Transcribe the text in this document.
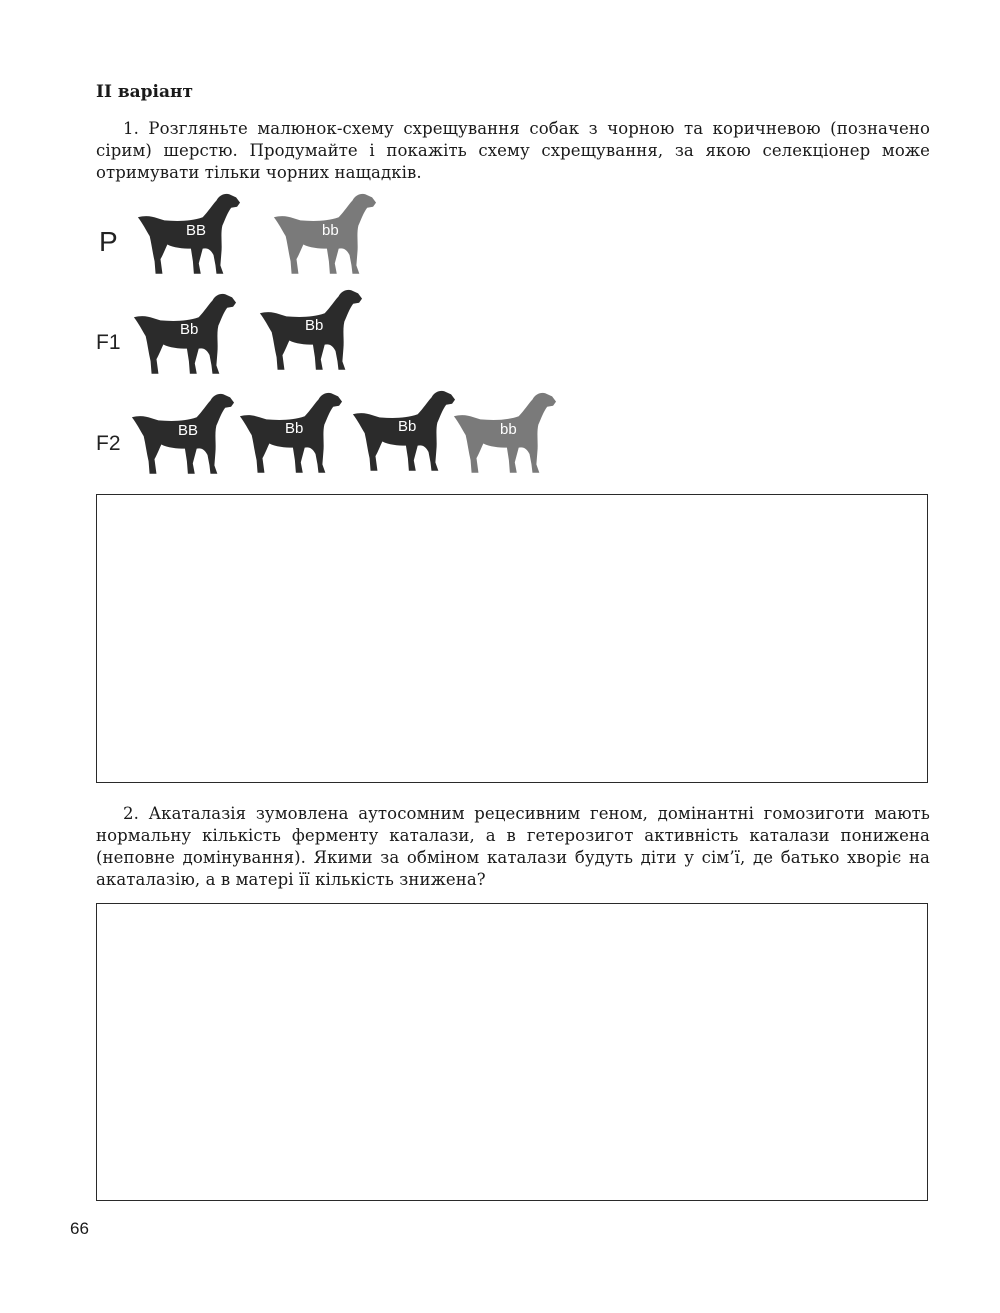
II варіант

1. Розгляньте малюнок-схему схрещування собак з чорною та коричневою (позначено сірим) шерстю. Продумайте і покажіть схему схрещування, за якою селекціонер може отримувати тільки чорних нащадків.

P
F1
F2
BB	bb
Bb	Bb
BB	Bb	Bb	bb

2. Акаталазія зумовлена аутосомним рецесивним геном, домінантні гомозиготи мають нормальну кількість ферменту каталази, а в гетерозигот активність каталази понижена (неповне домінування). Якими за обміном каталази будуть діти у сім’ї, де батько хворіє на акаталазію, а в матері її кількість знижена?

66
